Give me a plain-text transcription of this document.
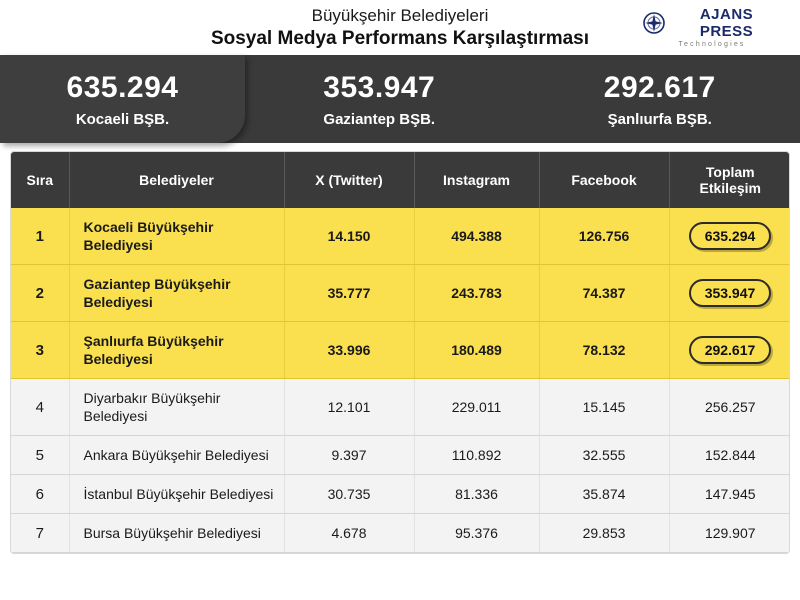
Büyükşehir Belediyeleri
Sosyal Medya Performans Karşılaştırması
AJANS PRESS
Technologies
635.294
Kocaeli BŞB.
353.947
Gaziantep BŞB.
292.617
Şanlıurfa BŞB.
Sıra	Belediyeler	X (Twitter)	Instagram	Facebook	Toplam
Etkileşim

1	Kocaeli Büyükşehir Belediyesi	14.150	494.388	126.756	635.294
2	Gaziantep Büyükşehir Belediyesi	35.777	243.783	74.387	353.947
3	Şanlıurfa Büyükşehir Belediyesi	33.996	180.489	78.132	292.617
4	Diyarbakır Büyükşehir Belediyesi	12.101	229.011	15.145	256.257
5	Ankara Büyükşehir Belediyesi	9.397	110.892	32.555	152.844
6	İstanbul Büyükşehir Belediyesi	30.735	81.336	35.874	147.945
7	Bursa Büyükşehir Belediyesi	4.678	95.376	29.853	129.907
